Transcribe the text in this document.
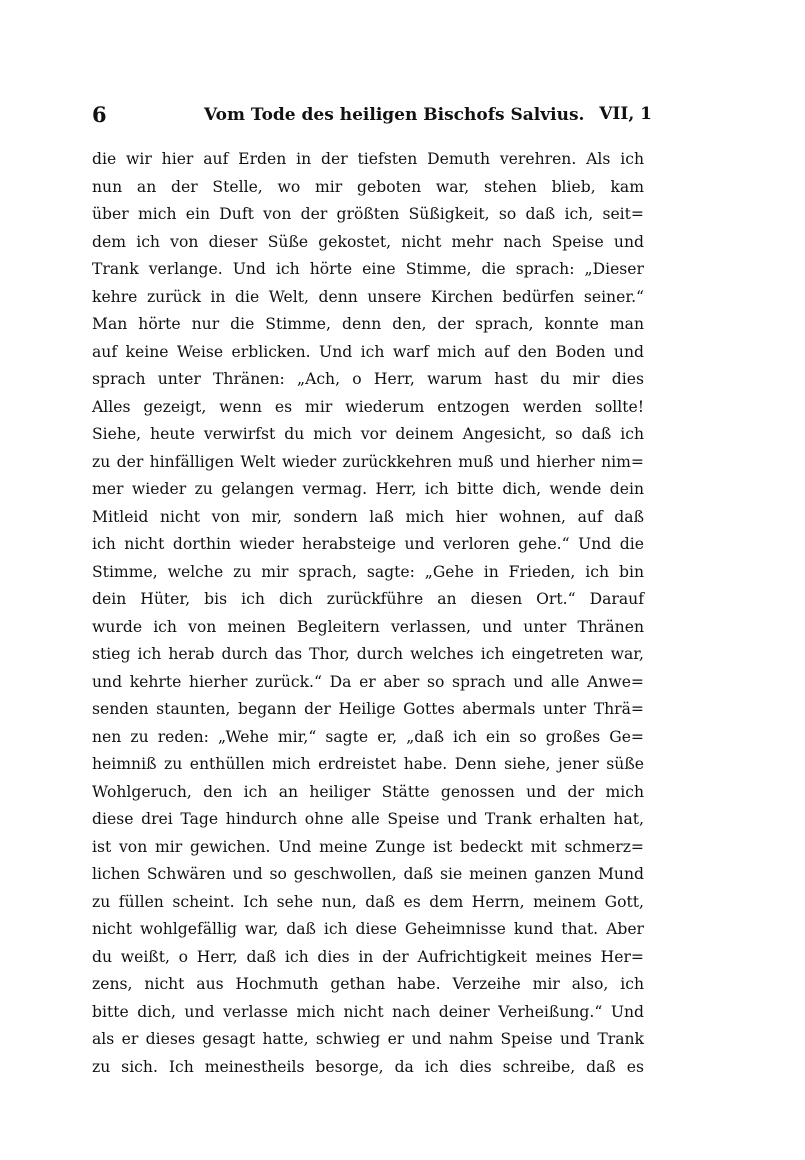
6	Vom Tode des heiligen Bischofs Salvius. VII, 1
die wir hier auf Erden in der tiefsten Demuth verehren. Als ich
nun an der Stelle, wo mir geboten war, stehen blieb, kam
über mich ein Duft von der größten Süßigkeit, so daß ich, seit=
dem ich von dieser Süße gekostet, nicht mehr nach Speise und
Trank verlange. Und ich hörte eine Stimme, die sprach: „Dieser
kehre zurück in die Welt, denn unsere Kirchen bedürfen seiner.“
Man hörte nur die Stimme, denn den, der sprach, konnte man
auf keine Weise erblicken. Und ich warf mich auf den Boden und
sprach unter Thränen: „Ach, o Herr, warum hast du mir dies
Alles gezeigt, wenn es mir wiederum entzogen werden sollte!
Siehe, heute verwirfst du mich vor deinem Angesicht, so daß ich
zu der hinfälligen Welt wieder zurückkehren muß und hierher nim=
mer wieder zu gelangen vermag. Herr, ich bitte dich, wende dein
Mitleid nicht von mir, sondern laß mich hier wohnen, auf daß
ich nicht dorthin wieder herabsteige und verloren gehe.“ Und die
Stimme, welche zu mir sprach, sagte: „Gehe in Frieden, ich bin
dein Hüter, bis ich dich zurückführe an diesen Ort.“ Darauf
wurde ich von meinen Begleitern verlassen, und unter Thränen
stieg ich herab durch das Thor, durch welches ich eingetreten war,
und kehrte hierher zurück.“ Da er aber so sprach und alle Anwe=
senden staunten, begann der Heilige Gottes abermals unter Thrä=
nen zu reden: „Wehe mir,“ sagte er, „daß ich ein so großes Ge=
heimniß zu enthüllen mich erdreistet habe. Denn siehe, jener süße
Wohlgeruch, den ich an heiliger Stätte genossen und der mich
diese drei Tage hindurch ohne alle Speise und Trank erhalten hat,
ist von mir gewichen. Und meine Zunge ist bedeckt mit schmerz=
lichen Schwären und so geschwollen, daß sie meinen ganzen Mund
zu füllen scheint. Ich sehe nun, daß es dem Herrn, meinem Gott,
nicht wohlgefällig war, daß ich diese Geheimnisse kund that. Aber
du weißt, o Herr, daß ich dies in der Aufrichtigkeit meines Her=
zens, nicht aus Hochmuth gethan habe. Verzeihe mir also, ich
bitte dich, und verlasse mich nicht nach deiner Verheißung.“ Und
als er dieses gesagt hatte, schwieg er und nahm Speise und Trank
zu sich. Ich meinestheils besorge, da ich dies schreibe, daß es
